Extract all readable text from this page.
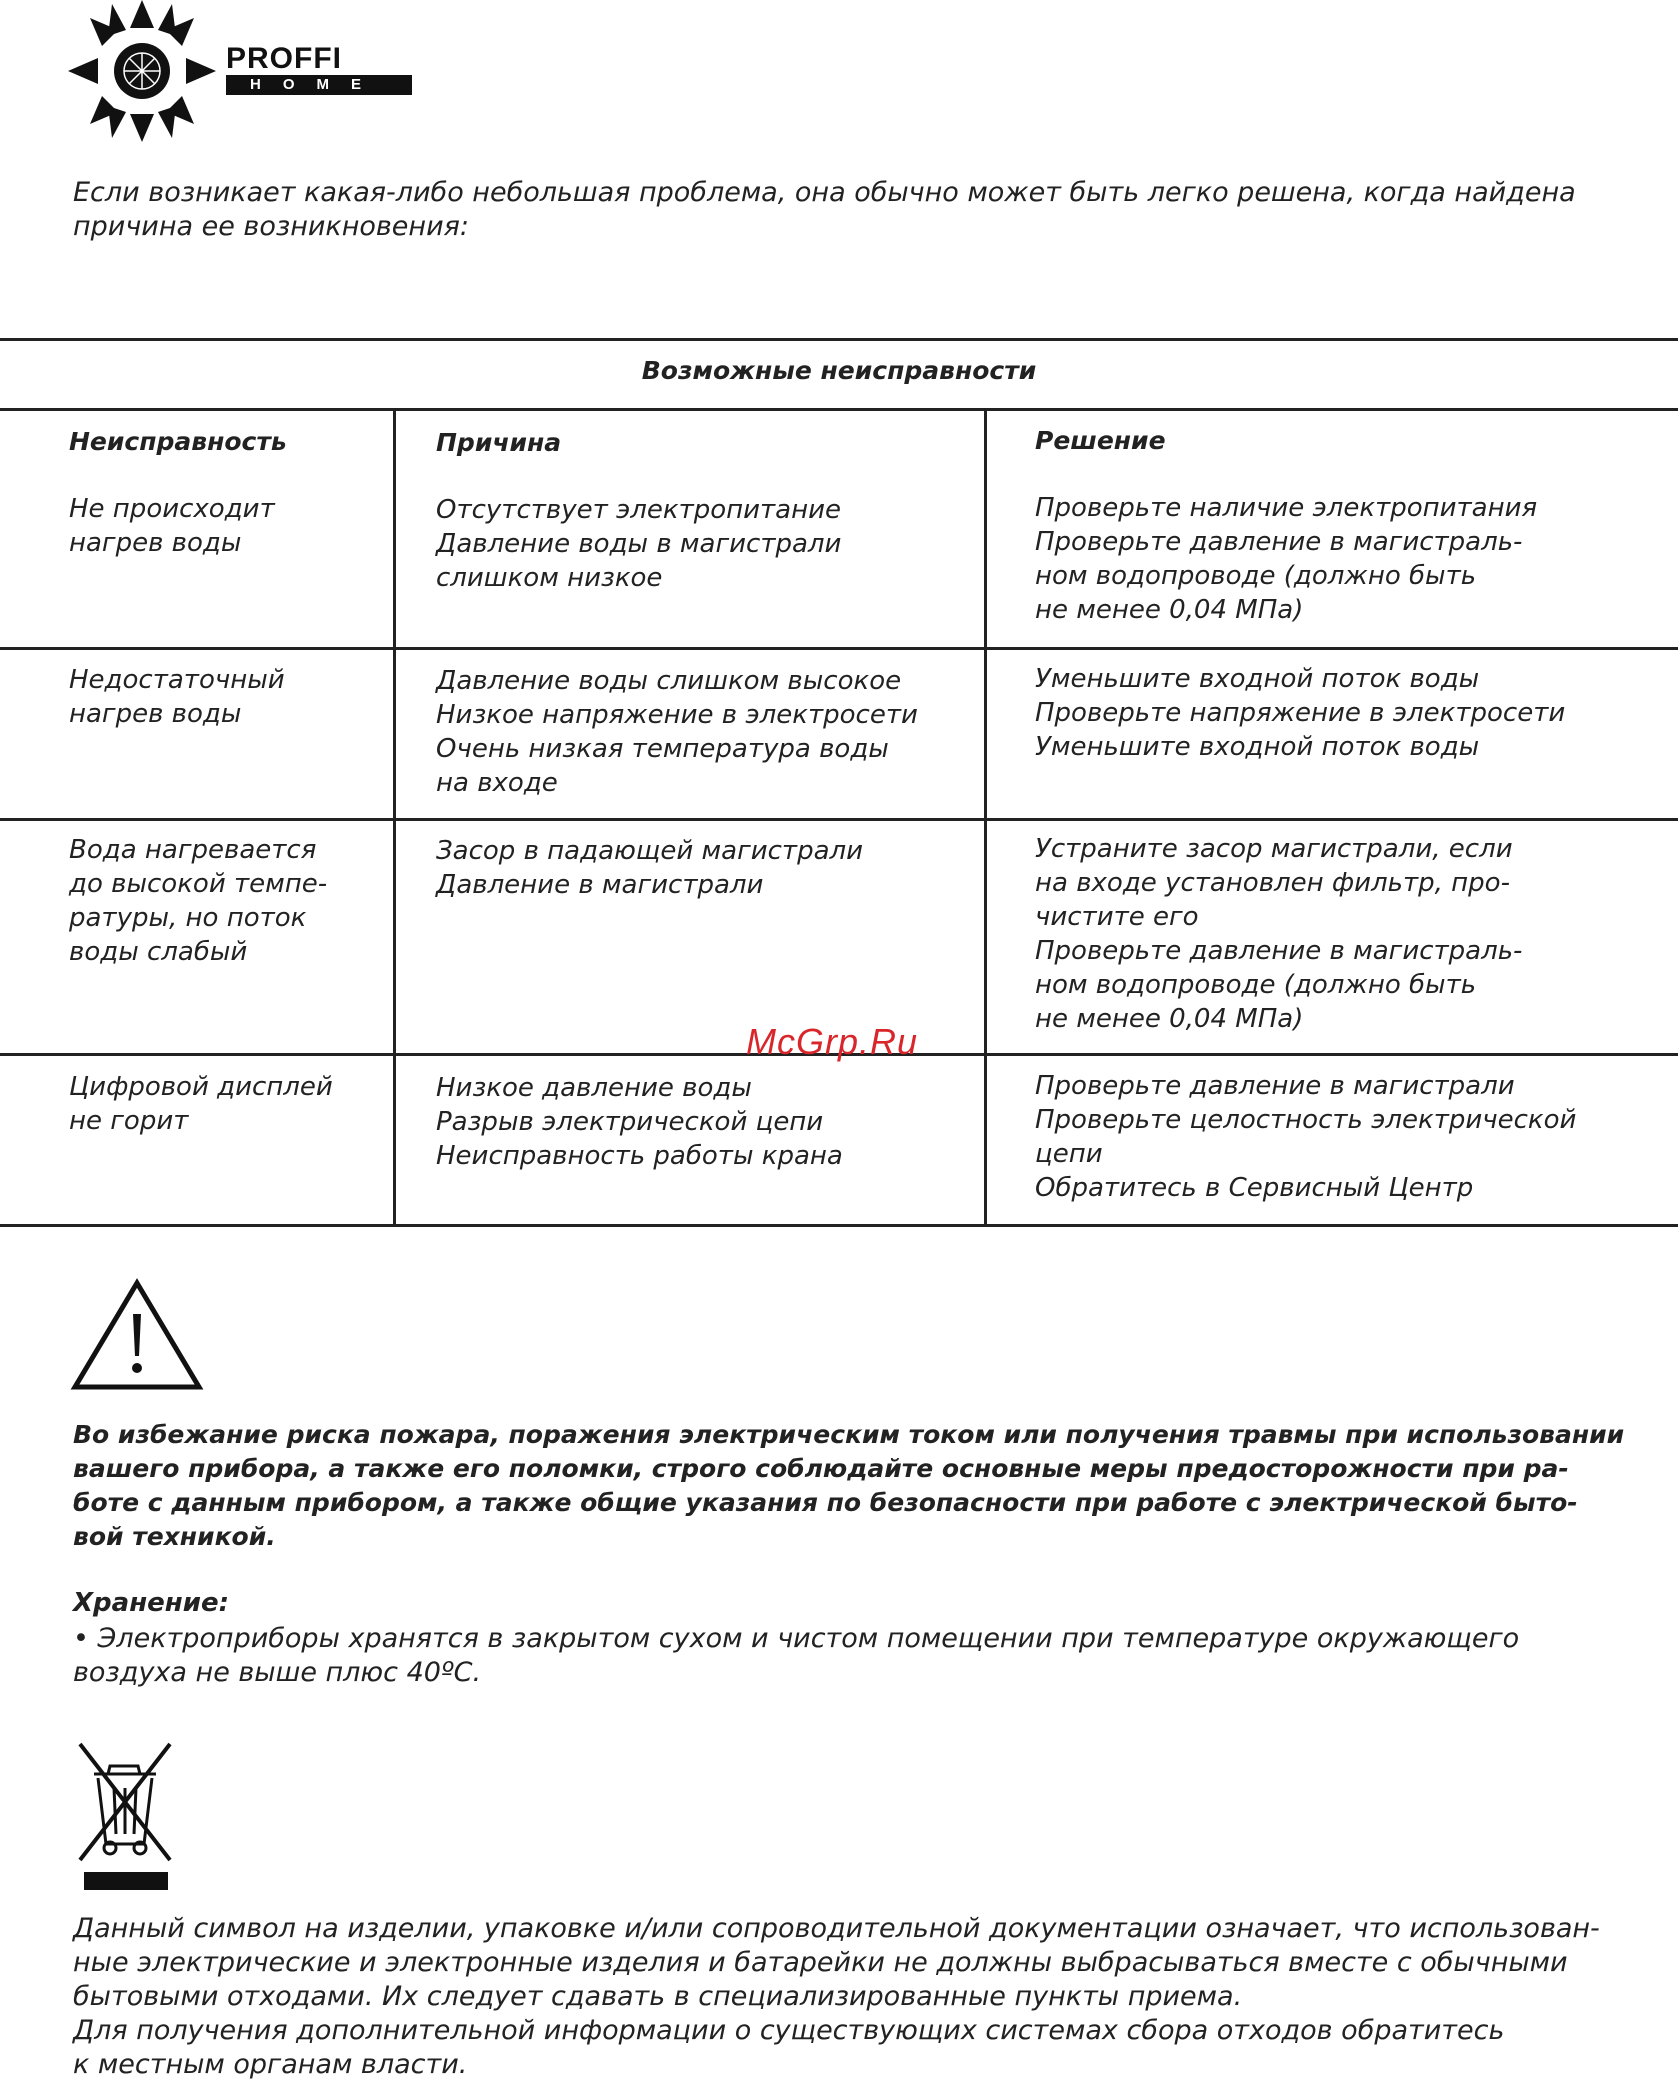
PROFFI
HOME
Если возникает какая-либо небольшая проблема, она обычно может быть легко решена, когда найдена
причина ее возникновения:
Возможные неисправности
Неисправность	Причина	Решение
Не происходит
нагрев воды
Отсутствует электропитание
Давление воды в магистрали
слишком низкое
Проверьте наличие электропитания
Проверьте давление в магистраль-
ном водопроводе (должно быть
не менее 0,04 МПа)
Недостаточный
нагрев воды
Давление воды слишком высокое
Низкое напряжение в электросети
Очень низкая температура воды
на входе
Уменьшите входной поток воды
Проверьте напряжение в электросети
Уменьшите входной поток воды
Вода нагревается
до высокой темпе-
ратуры, но поток
воды слабый
Засор в падающей магистрали
Давление в магистрали
Устраните засор магистрали, если
на входе установлен фильтр, про-
чистите его
Проверьте давление в магистраль-
ном водопроводе (должно быть
не менее 0,04 МПа)
Цифровой дисплей
не горит
Низкое давление воды
Разрыв электрической цепи
Неисправность работы крана
Проверьте давление в магистрали
Проверьте целостность электрической
цепи
Обратитесь в Сервисный Центр
McGrp.Ru
Во избежание риска пожара, поражения электрическим током или получения травмы при использовании
вашего прибора, а также его поломки, строго соблюдайте основные меры предосторожности при ра-
боте с данным прибором, а также общие указания по безопасности при работе с электрической быто-
вой техникой.
Хранение:
• Электроприборы хранятся в закрытом сухом и чистом помещении при температуре окружающего
воздуха не выше плюс 40ºС.
Данный символ на изделии, упаковке и/или сопроводительной документации означает, что использован-
ные электрические и электронные изделия и батарейки не должны выбрасываться вместе с обычными
бытовыми отходами. Их следует сдавать в специализированные пункты приема.
Для получения дополнительной информации о существующих системах сбора отходов обратитесь
к местным органам власти.
